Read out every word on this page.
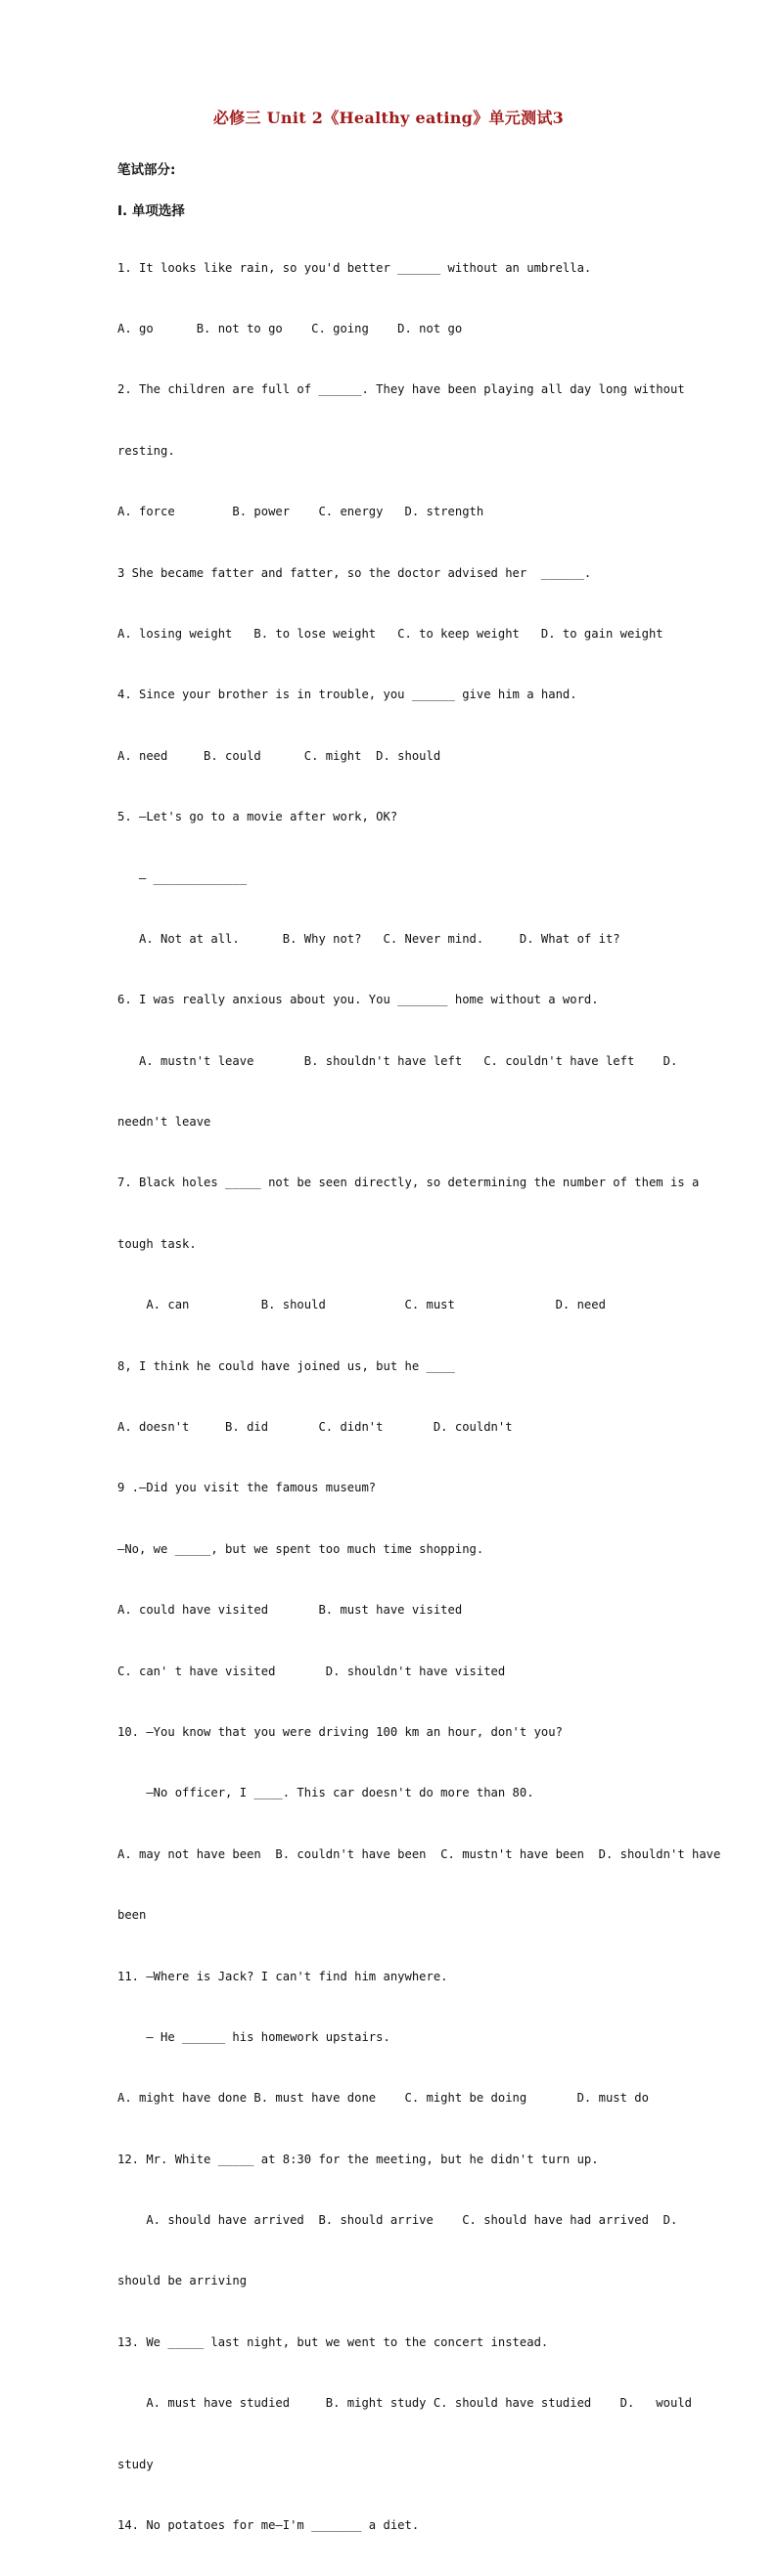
必修三 Unit 2《Healthy eating》单元测试3
笔试部分:
I. 单项选择

1. It looks like rain, so you'd better ______ without an umbrella.

A. go      B. not to go    C. going    D. not go

2. The children are full of ______. They have been playing all day long without

resting.

A. force        B. power    C. energy   D. strength

3 She became fatter and fatter, so the doctor advised her  ______.

A. losing weight   B. to lose weight   C. to keep weight   D. to gain weight

4. Since your brother is in trouble, you ______ give him a hand.

A. need     B. could      C. might  D. should

5. —Let's go to a movie after work, OK?

— _____________

A. Not at all.      B. Why not?   C. Never mind.     D. What of it?

6. I was really anxious about you. You _______ home without a word.

A. mustn't leave       B. shouldn't have left   C. couldn't have left    D.

needn't leave

7. Black holes _____ not be seen directly, so determining the number of them is a

tough task.

A. can          B. should           C. must              D. need

8, I think he could have joined us, but he ____

A. doesn't     B. did       C. didn't       D. couldn't

9 .—Did you visit the famous museum?

—No, we _____, but we spent too much time shopping.

A. could have visited       B. must have visited

C. can' t have visited       D. shouldn't have visited

10. —You know that you were driving 100 km an hour, don't you?

—No officer, I ____. This car doesn't do more than 80.

A. may not have been  B. couldn't have been  C. mustn't have been  D. shouldn't have

been

11. —Where is Jack? I can't find him anywhere.

— He ______ his homework upstairs.

A. might have done B. must have done    C. might be doing       D. must do

12. Mr. White _____ at 8:30 for the meeting, but he didn't turn up.

A. should have arrived  B. should arrive    C. should have had arrived  D.

should be arriving

13. We _____ last night, but we went to the concert instead.

A. must have studied     B. might study C. should have studied    D.   would

study

14. No potatoes for me—I'm _______ a diet.
